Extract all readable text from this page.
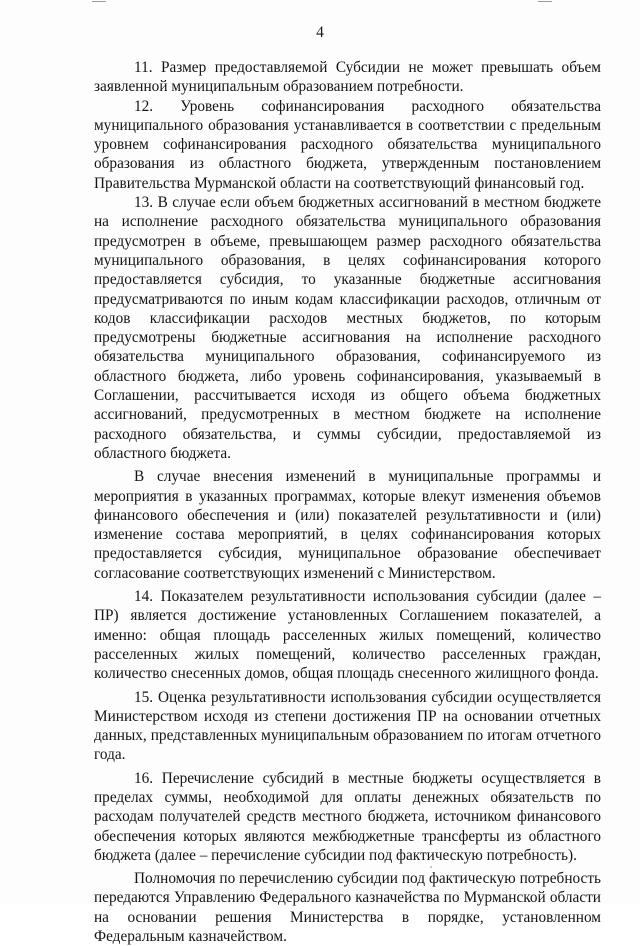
4

11. Размер предоставляемой Субсидии не может превышать объем заявленной муниципальным образованием потребности.

12. Уровень софинансирования расходного обязательства муниципального образования устанавливается в соответствии с предельным уровнем софинансирования расходного обязательства муниципального образования из областного бюджета, утвержденным постановлением Правительства Мурманской области на соответствующий финансовый год.

13. В случае если объем бюджетных ассигнований в местном бюджете на исполнение расходного обязательства муниципального образования предусмотрен в объеме, превышающем размер расходного обязательства муниципального образования, в целях софинансирования которого предоставляется субсидия, то указанные бюджетные ассигнования предусматриваются по иным кодам классификации расходов, отличным от кодов классификации расходов местных бюджетов, по которым предусмотрены бюджетные ассигнования на исполнение расходного обязательства муниципального образования, софинансируемого из областного бюджета, либо уровень софинансирования, указываемый в Соглашении, рассчитывается исходя из общего объема бюджетных ассигнований, предусмотренных в местном бюджете на исполнение расходного обязательства, и суммы субсидии, предоставляемой из областного бюджета.

В случае внесения изменений в муниципальные программы и мероприятия в указанных программах, которые влекут изменения объемов финансового обеспечения и (или) показателей результативности и (или) изменение состава мероприятий, в целях софинансирования которых предоставляется субсидия, муниципальное образование обеспечивает согласование соответствующих изменений с Министерством.

14. Показателем результативности использования субсидии (далее – ПР) является достижение установленных Соглашением показателей, а именно: общая площадь расселенных жилых помещений, количество расселенных жилых помещений, количество расселенных граждан, количество снесенных домов, общая площадь снесенного жилищного фонда.

15. Оценка результативности использования субсидии осуществляется Министерством исходя из степени достижения ПР на основании отчетных данных, представленных муниципальным образованием по итогам отчетного года.

16. Перечисление субсидий в местные бюджеты осуществляется в пределах суммы, необходимой для оплаты денежных обязательств по расходам получателей средств местного бюджета, источником финансового обеспечения которых являются межбюджетные трансферты из областного бюджета (далее – перечисление субсидии под фактическую потребность).

Полномочия по перечислению субсидии под фактическую потребность передаются Управлению Федерального казначейства по Мурманской области на основании решения Министерства в порядке, установленном Федеральным казначейством.
